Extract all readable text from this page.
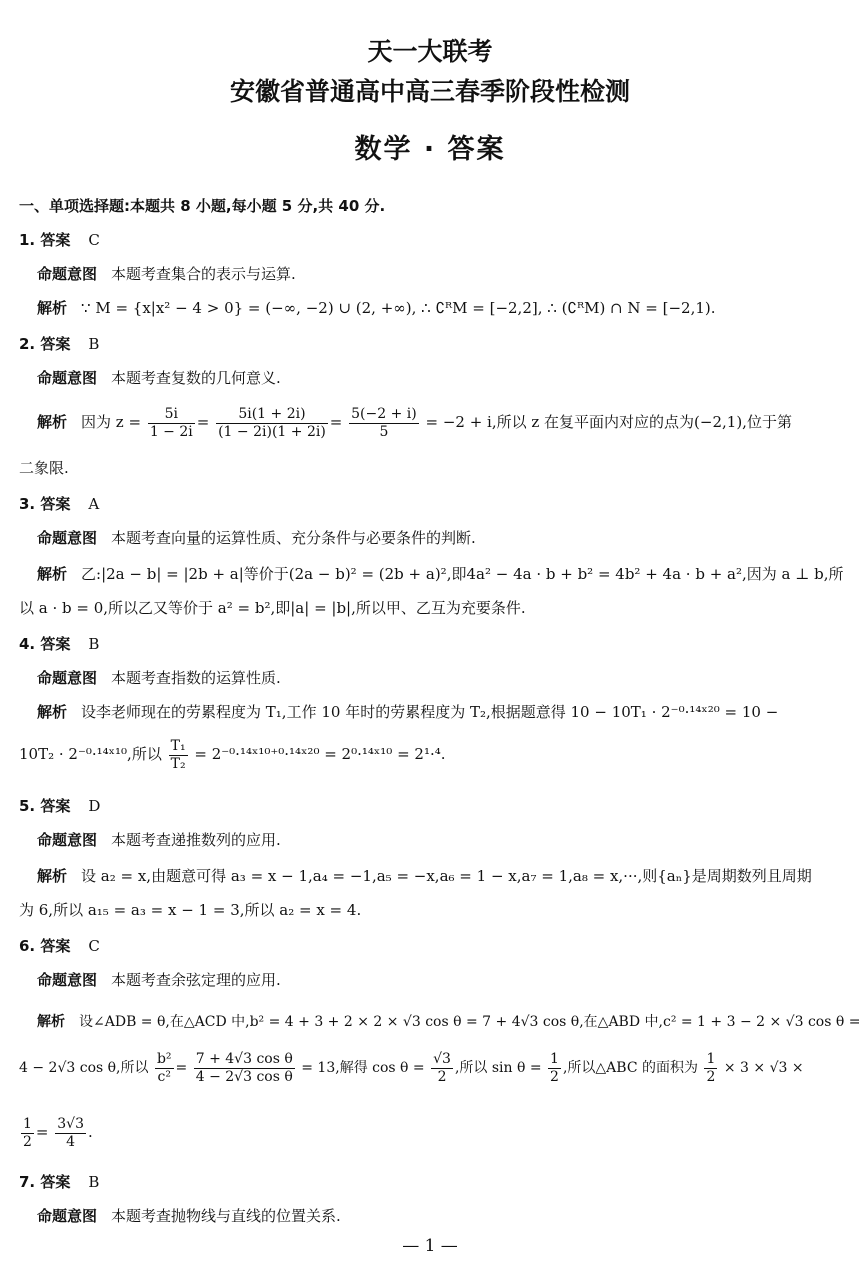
天一大联考
安徽省普通高中高三春季阶段性检测
数学 · 答案
一、单项选择题:本题共 8 小题,每小题 5 分,共 40 分.
1. 答案 C
命题意图 本题考查集合的表示与运算.
解析 ∵ M = {x|x² − 4 > 0} = (−∞, −2) ∪ (2, +∞), ∴ ∁ᴿM = [−2,2], ∴ (∁ᴿM) ∩ N = [−2,1).
2. 答案 B
命题意图 本题考查复数的几何意义.
解析 因为 $z = \frac{5i}{1 - 2i} = \frac{5i(1 + 2i)}{(1 - 2i)(1 + 2i)} = \frac{5(-2 + i)}{5} = -2 + i$,所以 z 在复平面内对应的点为(−2,1),位于第
二象限.
3. 答案 A
命题意图 本题考查向量的运算性质、充分条件与必要条件的判断.
解析 乙:|2a − b| = |2b + a|等价于(2a − b)² = (2b + a)²,即4a² − 4a · b + b² = 4b² + 4a · b + a²,因为 a ⊥ b,所
以 a · b = 0,所以乙又等价于 a² = b²,即|a| = |b|,所以甲、乙互为充要条件.
4. 答案 B
命题意图 本题考查指数的运算性质.
解析 设李老师现在的劳累程度为 T₁,工作 10 年时的劳累程度为 T₂,根据题意得 10 − 10T₁ · 2⁻⁰·¹⁴ˣ²⁰ = 10 −
10T₂ · 2⁻⁰·¹⁴ˣ¹⁰,所以 $\frac{\text{T₁}}{\text{T₂}}$ = 2⁻⁰·¹⁴ˣ¹⁰⁺⁰·¹⁴ˣ²⁰ = 2⁰·¹⁴ˣ¹⁰ = 2¹·⁴.
5. 答案 D
命题意图 本题考查递推数列的应用.
解析 设 a₂ = x,由题意可得 a₃ = x − 1,a₄ = −1,a₅ = −x,a₆ = 1 − x,a₇ = 1,a₈ = x,···,则{aₙ}是周期数列且周期
为 6,所以 a₁₅ = a₃ = x − 1 = 3,所以 a₂ = x = 4.
6. 答案 C
命题意图 本题考查余弦定理的应用.
解析 设∠ADB = θ,在△ACD 中,b² = 4 + 3 + 2 × 2 × √3 cos θ = 7 + 4√3 cos θ,在△ABD 中,c² = 1 + 3 − 2 × √3 cos θ =
4 − 2√3 cos θ,所以 $\frac{\text{b²}}{\text{c²}} = \frac{\text{7 + 4√3 cos θ}}{\text{4 − 2√3 cos θ}} = 13$,解得 $\cos \theta = \frac{√3}{2}$ ,所以 $\sin \theta = \frac{1}{2}$ ,所以△ABC 的面积为 $\frac{1}{2} \times 3 \times √3$ ×
$\frac{1}{2} = \frac{3√3}{4}$ .
7. 答案 B
命题意图 本题考查抛物线与直线的位置关系.
— 1 —
